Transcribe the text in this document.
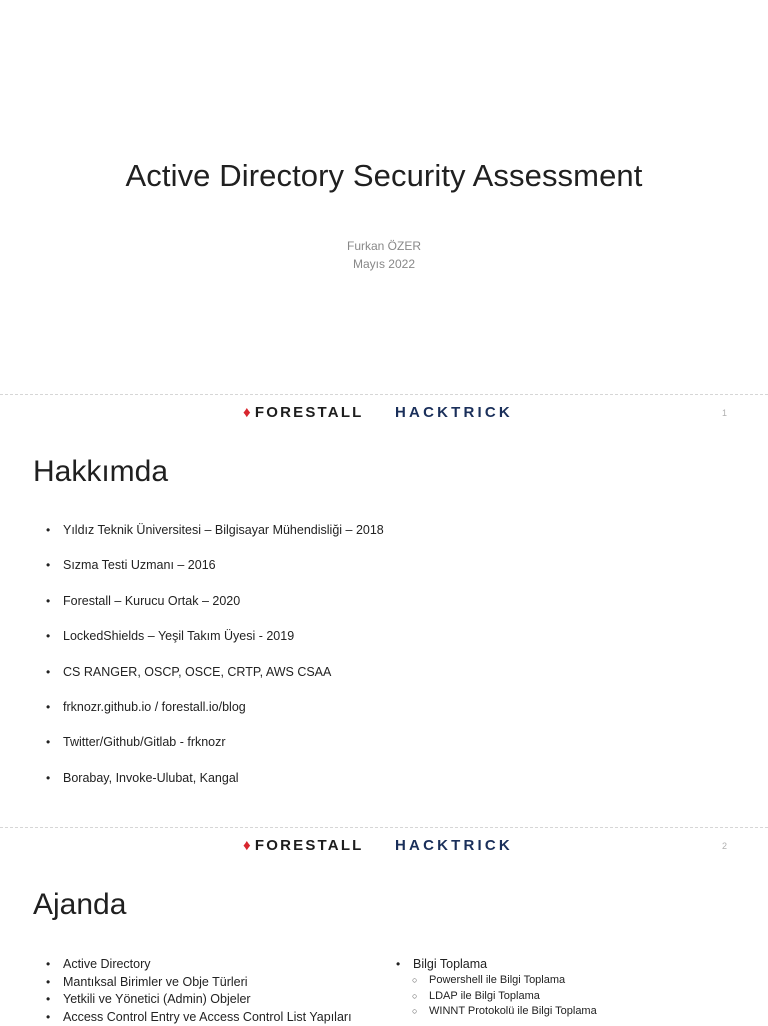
Active Directory Security Assessment
Furkan ÖZER
Mayıs 2022
♦ FORESTALL HACKTRICK	1
Hakkımda
• Yıldız Teknik Üniversitesi – Bilgisayar Mühendisliği – 2018
• Sızma Testi Uzmanı – 2016
• Forestall – Kurucu Ortak – 2020
• LockedShields – Yeşil Takım Üyesi - 2019
• CS RANGER, OSCP, OSCE, CRTP, AWS CSAA
• frknozr.github.io / forestall.io/blog
• Twitter/Github/Gitlab - frknozr
• Borabay, Invoke-Ulubat, Kangal
♦ FORESTALL HACKTRICK	2
Ajanda
• Active Directory
• Mantıksal Birimler ve Obje Türleri
• Yetkili ve Yönetici (Admin) Objeler
• Access Control Entry ve Access Control List Yapıları
• Bilgi Toplama
○ Powershell ile Bilgi Toplama
○ LDAP ile Bilgi Toplama
○ WINNT Protokolü ile Bilgi Toplama
